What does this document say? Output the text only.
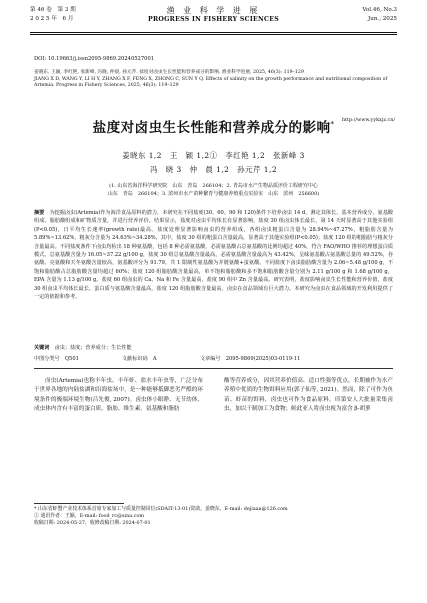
第 46 卷　第 3 期
2 0 2 5 年　6 月
渔 业 科 学 进 展
PROGRESS IN FISHERY SCIENCES
Vol.46, No.3
Jun., 2025
DOI: 10.19663/j.issn2095-9869.20240527001
姜晓东, 王颖, 李红艳, 张新峰, 冯晓, 仲晨, 孙元芹. 盐度对卤虫生长性能和营养成分的影响. 渔业科学进展, 2025, 46(3): 119–129
JIANG X D, WANG Y, LI H Y, ZHANG X F, FENG X, ZHONG C, SUN Y Q. Effects of salinity on the growth performance and nutritional composition of Artemia. Progress in Fishery Sciences, 2025, 46(3): 119–129
http://www.yykxjz.cn/
盐度对卤虫生长性能和营养成分的影响*
姜晓东 1,2　王　颖 1,2①　李红艳 1,2　张新峰 3
冯　晓 3　仲　晨 1,2　孙元芹 1,2
(1. 山东省海洋科学研究院　山东　青岛　266104；2. 青岛市水产生物品质评价工程研究中心
山东　青岛　266104；3. 滨州市水产苗种繁育与健康养殖重点实验室　山东　滨州　256600)
摘要　 为挖掘卤虫(Artemia)作为海洋食品原料的潜力，本研究在不同盐度(30、60、90 和 120)条件下培养卤虫 14 d，测定其体长、基本营养成分、氨基酸组成、脂肪酸组成和矿物质含量，并进行营养评价。结果显示，盐度对卤虫平均体长有显著影响，盐度 30 组卤虫体长最长，第 14 天时显著高于其他实验组(P<0.05)，日平均生长速率(growth rate)最高。盐度处理显著影响卤虫的营养组成，各组卤虫粗蛋白含量为 28.94%~47.27%，粗脂肪含量为 5.89%~13.62%，粗灰分含量为 24.63%~34.28%，其中，盐度 30 组的粗蛋白含量最高，显著高于其他实验组(P<0.05)；盐度 120 组的粗脂肪与粗灰分含量最高。不同盐度条件下卤虫均检出 18 种氨基酸，包括 8 种必需氨基酸，必需氨基酸占总氨基酸的比例均超过 40%，符合 FAO/WHO 推荐的理想蛋白质模式。总氨基酸含量为 16.05~37.22 g/100 g，盐度 30 组总氨基酸含量最高，必需氨基酸含量最高为 43.42%，呈味氨基酸占氨基酸总量的 49.52%，谷氨酸、亮氨酸和天冬氨酸含量较高，氨基酸评分为 91.79。共 1 限制性氨基酸为并胱氨酸+蛋氨酸。不同盐度下卤虫脂肪酸含量为 2.06~5.48 g/100 g，不饱和脂肪酸占总脂肪酸含量均超过 60%；盐度 120 组脂肪酸含量最高，单不饱和脂肪酸和多不饱和脂肪酸含量分别为 2.11 g/100 g 和 1.68 g/100 g，EPA 含量为 1.13 g/100 g。盐度 60 组卤虫的 Ca、Na 和 Fe 含量最高，盐度 90 组中 Zn 含量最高。研究表明，盐度影响卤虫生长性能和营养价值，盐度 30 组卤虫平均体长最长、蛋白质与氨基酸含量最高，盐度 120 组脂肪酸含量最高，卤虫在食品领域有巨大潜力。本研究为卤虫在食品领域的开发利用提供了一定的依据和参考。
关键词　 卤虫；盐度；营养成分；生长性能
中图分类号　Q501	文献标识码　A	文章编号　2095-9869(2025)03-0119-11

卤虫(Artemia)也称丰年虫、丰年虾、盐水丰年虫等，广泛分布于世界各地的内陆盐湖和沿海盐场中，是一种能够抵御恶劣严酷的环境条件的极端环境生物(吕先俊, 2007)。卤虫体小眼睁、无节幼体、成虫体内含有丰富的蛋白质、脂肪、维生素、氨基酸和脂肪

酸等营养成分，因其营养价值高、适口性强等优点，长期被作为水产养殖中优质的生物饵料应用(郭子仙等, 2021)。然而，除了可作为鱼苗、虾苗的饵料，卤虫也可作为食品原料。印第安人大批量采集卤虫，加以干制加工为食物；鲑此亚人将卤虫视为富含 β-胡萝

* 山东省虾蟹产业技术体系首席专家加工与质量控制岗位(SDAIT-13-01)资助。姜晓东，E-mail: dejiaaa@126.com
① 通讯作者：王颖，E-mail: food_rc@sina.com
收稿日期: 2024-05-27，收修改稿日期: 2024-07-01
